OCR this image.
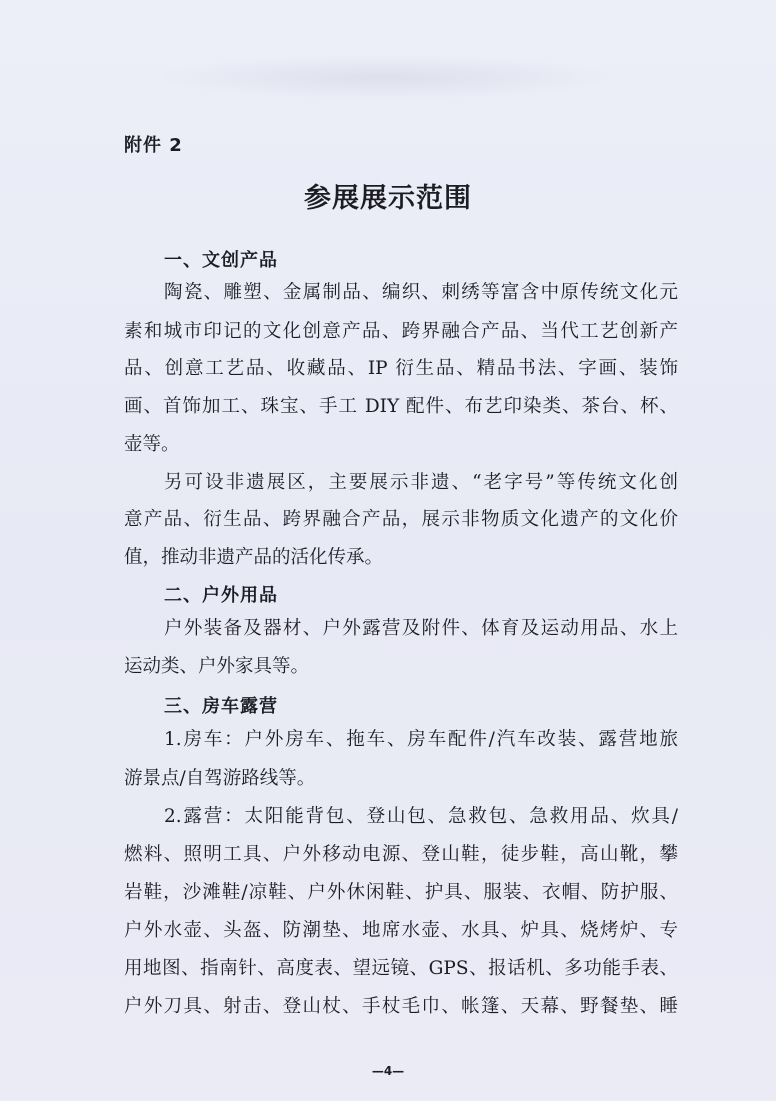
附件 2
参展展示范围
一、文创产品
陶瓷、雕塑、金属制品、编织、刺绣等富含中原传统文化元
素和城市印记的文化创意产品、跨界融合产品、当代工艺创新产
品、创意工艺品、收藏品、IP 衍生品、精品书法、字画、装饰
画、首饰加工、珠宝、手工 DIY 配件、布艺印染类、茶台、杯、
壶等。
另可设非遗展区，主要展示非遗、“老字号”等传统文化创
意产品、衍生品、跨界融合产品，展示非物质文化遗产的文化价
值，推动非遗产品的活化传承。
二、户外用品
户外装备及器材、户外露营及附件、体育及运动用品、水上
运动类、户外家具等。
三、房车露营
1.房车：户外房车、拖车、房车配件/汽车改装、露营地旅
游景点/自驾游路线等。
2.露营：太阳能背包、登山包、急救包、急救用品、炊具/
燃料、照明工具、户外移动电源、登山鞋，徒步鞋，高山靴，攀
岩鞋，沙滩鞋/凉鞋、户外休闲鞋、护具、服装、衣帽、防护服、
户外水壶、头盔、防潮垫、地席水壶、水具、炉具、烧烤炉、专
用地图、指南针、高度表、望远镜、GPS、报话机、多功能手表、
户外刀具、射击、登山杖、手杖毛巾、帐篷、天幕、野餐垫、睡
—4—
